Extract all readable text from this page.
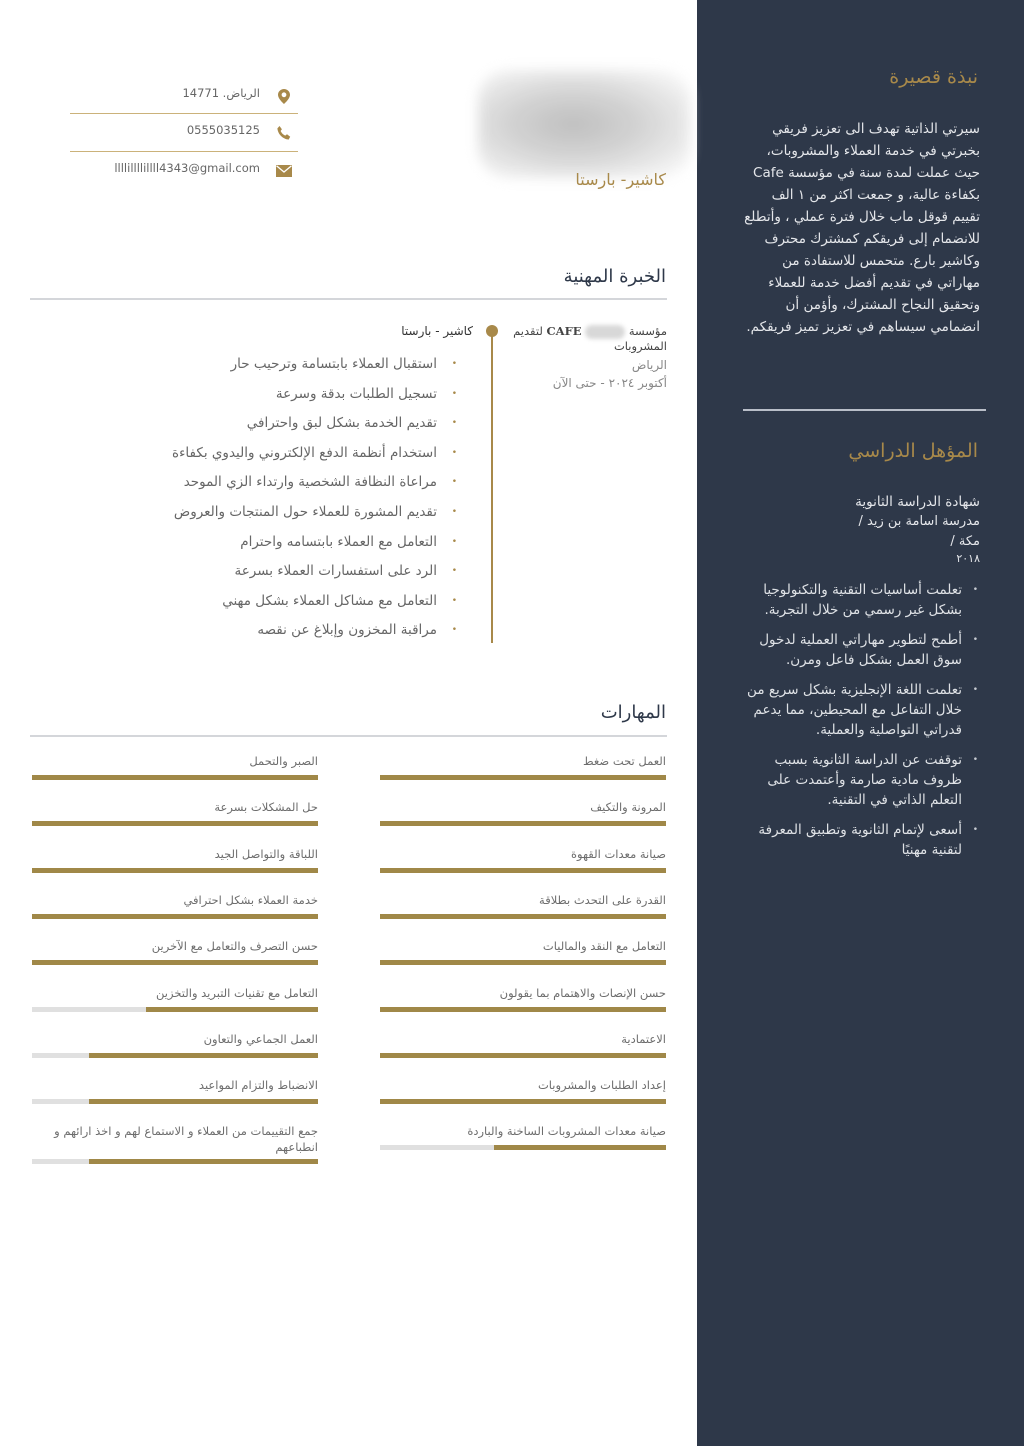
نبذة قصيرة
سيرتي الذاتية تهدف الى تعزيز فريقي بخبرتي في خدمة العملاء والمشروبات، حيث عملت لمدة سنة في مؤسسة Cafe بكفاءة عالية، و جمعت اكثر من ١ الف تقييم قوقل ماب خلال فترة عملي ، وأتطلع للانضمام إلى فريقكم كمشترك محترف وكاشير بارع. متحمس للاستفادة من مهاراتي في تقديم أفضل خدمة للعملاء وتحقيق النجاح المشترك، وأؤمن أن انضمامي سيساهم في تعزيز تميز فريقكم.
المؤهل الدراسي
شهادة الدراسة الثانوية
مدرسة اسامة بن زيد /
مكة /
٢٠١٨
• تعلمت أساسيات التقنية والتكنولوجيا بشكل غير رسمي من خلال التجربة.
• أطمح لتطوير مهاراتي العملية لدخول سوق العمل بشكل فاعل ومرن.
• تعلمت اللغة الإنجليزية بشكل سريع من خلال التفاعل مع المحيطين، مما يدعم قدراتي التواصلية والعملية.
• توقفت عن الدراسة الثانوية بسبب ظروف مادية صارمة وأعتمدت على التعلم الذاتي في التقنية.
• أسعى لإتمام الثانوية وتطبيق المعرفة لتقنية مهنيًا
كاشير- بارستا
الرياض. 14771
0555035125
llllillllillll4343@gmail.com
الخبرة المهنية
مؤسسة  CAFE لتقديم المشروبات
الرياض
أكتوبر ٢٠٢٤ - حتى الآن
كاشير - بارستا
• استقبال العملاء بابتسامة وترحيب حار
• تسجيل الطلبات بدقة وسرعة
• تقديم الخدمة بشكل لبق واحترافي
• استخدام أنظمة الدفع الإلكتروني واليدوي بكفاءة
• مراعاة النظافة الشخصية وارتداء الزي الموحد
• تقديم المشورة للعملاء حول المنتجات والعروض
• التعامل مع العملاء بابتسامه واحترام
• الرد على استفسارات العملاء بسرعة
• التعامل مع مشاكل العملاء بشكل مهني
• مراقبة المخزون وإبلاغ عن نقصه
المهارات
العمل تحت ضغط
المرونة والتكيف
صيانة معدات القهوة
القدرة على التحدث بطلاقة
التعامل مع النقد والماليات
حسن الإنصات والاهتمام بما يقولون
الاعتمادية
إعداد الطلبات والمشروبات
صيانة معدات المشروبات الساخنة والباردة
الصبر والتحمل
حل المشكلات بسرعة
اللباقة والتواصل الجيد
خدمة العملاء بشكل احترافي
حسن التصرف والتعامل مع الآخرين
التعامل مع تقنيات التبريد والتخزين
العمل الجماعي والتعاون
الانضباط والتزام المواعيد
جمع التقييمات من العملاء و الاستماع لهم و اخذ ارائهم و انطباعهم
